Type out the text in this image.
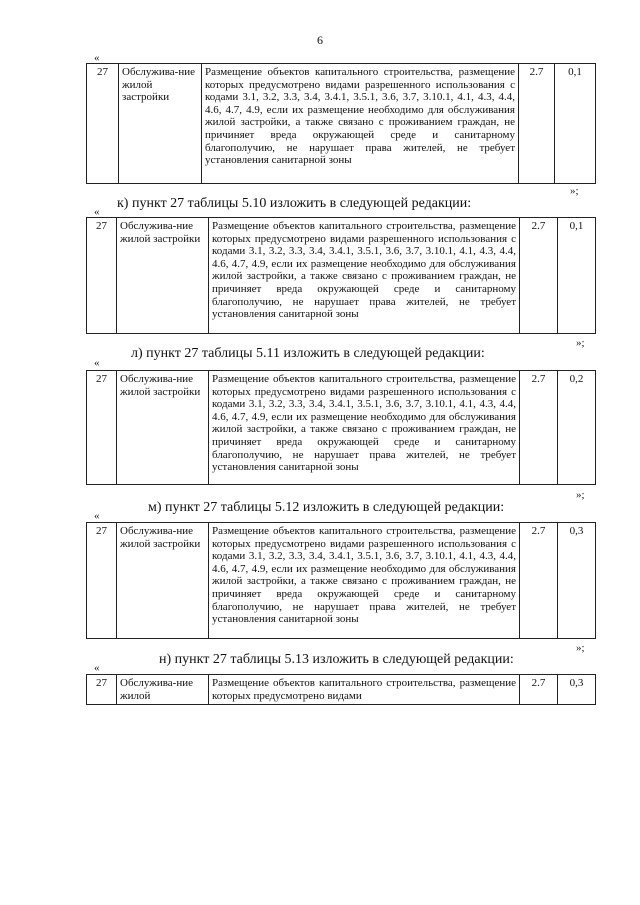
6
«
27	Обслужива-ние жилой застройки	Размещение объектов капитального строительства, размещение которых предусмотрено видами разрешенного использования с кодами 3.1, 3.2, 3.3, 3.4, 3.4.1, 3.5.1, 3.6, 3.7, 3.10.1, 4.1, 4.3, 4.4, 4.6, 4.7, 4.9, если их размещение необходимо для обслуживания жилой застройки, а также связано с проживанием граждан, не причиняет вреда окружающей среде и санитарному благополучию, не нарушает права жителей, не требует установления санитарной зоны	2.7	0,1
»;
к) пункт 27 таблицы 5.10 изложить в следующей редакции:
«
27	Обслужива-ние жилой застройки	Размещение объектов капитального строительства, размещение которых предусмотрено видами разрешенного использования с кодами 3.1, 3.2, 3.3, 3.4, 3.4.1, 3.5.1, 3.6, 3.7, 3.10.1, 4.1, 4.3, 4.4, 4.6, 4.7, 4.9, если их размещение необходимо для обслуживания жилой застройки, а также связано с проживанием граждан, не причиняет вреда окружающей среде и санитарному благополучию, не нарушает права жителей, не требует установления санитарной зоны	2.7	0,1
»;
л) пункт 27 таблицы 5.11 изложить в следующей редакции:
«
27	Обслужива-ние жилой застройки	Размещение объектов капитального строительства, размещение которых предусмотрено видами разрешенного использования с кодами 3.1, 3.2, 3.3, 3.4, 3.4.1, 3.5.1, 3.6, 3.7, 3.10.1, 4.1, 4.3, 4.4, 4.6, 4.7, 4.9, если их размещение необходимо для обслуживания жилой застройки, а также связано с проживанием граждан, не причиняет вреда окружающей среде и санитарному благополучию, не нарушает права жителей, не требует установления санитарной зоны	2.7	0,2
»;
м) пункт 27 таблицы 5.12 изложить в следующей редакции:
«
27	Обслужива-ние жилой застройки	Размещение объектов капитального строительства, размещение которых предусмотрено видами разрешенного использования с кодами 3.1, 3.2, 3.3, 3.4, 3.4.1, 3.5.1, 3.6, 3.7, 3.10.1, 4.1, 4.3, 4.4, 4.6, 4.7, 4.9, если их размещение необходимо для обслуживания жилой застройки, а также связано с проживанием граждан, не причиняет вреда окружающей среде и санитарному благополучию, не нарушает права жителей, не требует установления санитарной зоны	2.7	0,3
»;
н) пункт 27 таблицы 5.13 изложить в следующей редакции:
«
27	Обслужива-ние жилой	Размещение объектов капитального строительства, размещение которых предусмотрено видами	2.7	0,3
